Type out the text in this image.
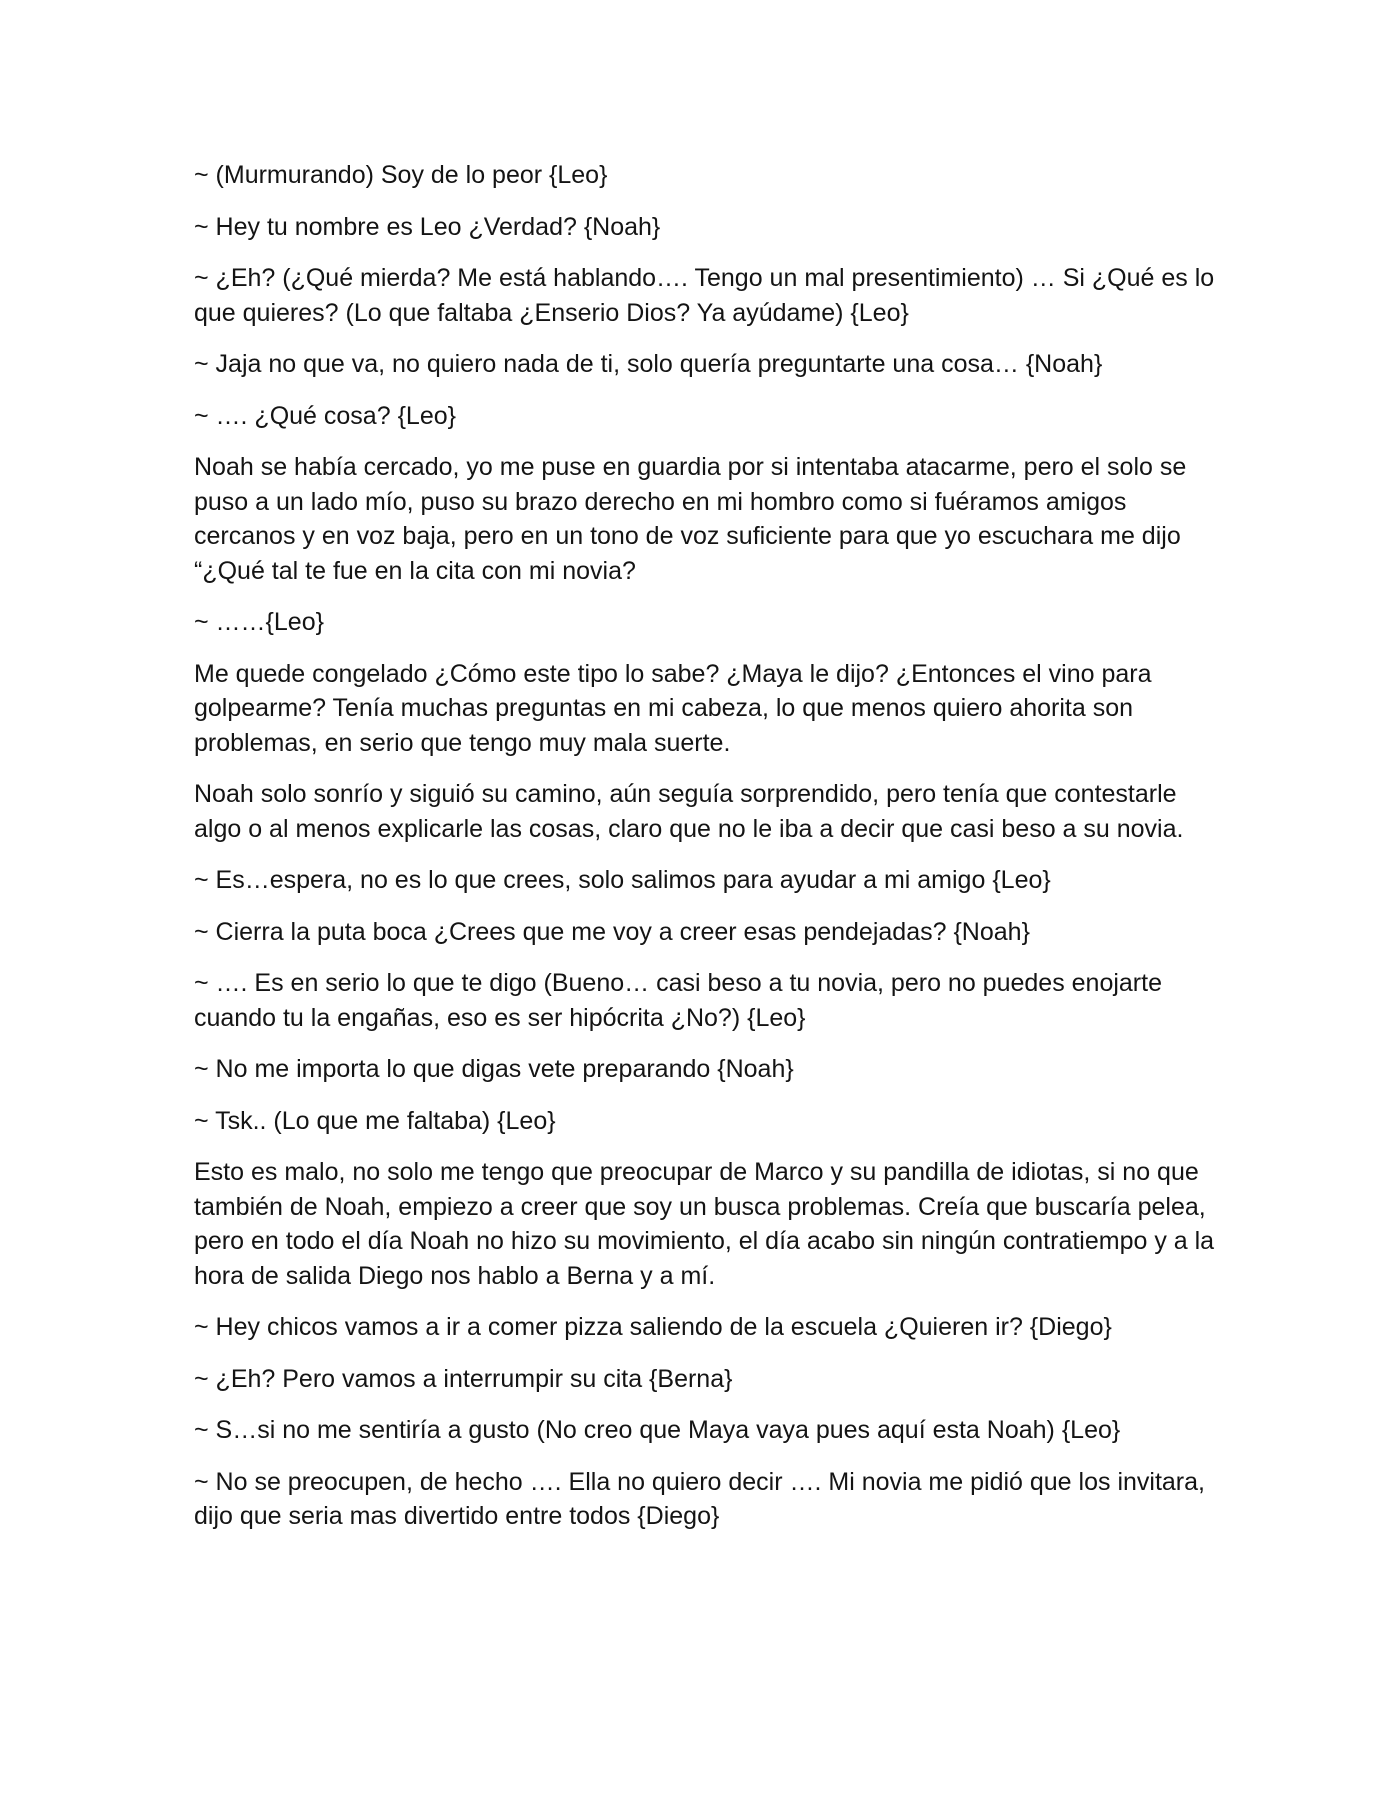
~ (Murmurando) Soy de lo peor {Leo}

~ Hey tu nombre es Leo ¿Verdad? {Noah}

~ ¿Eh? (¿Qué mierda? Me está hablando…. Tengo un mal presentimiento) … Si ¿Qué es lo que quieres? (Lo que faltaba ¿Enserio Dios? Ya ayúdame) {Leo}

~ Jaja no que va, no quiero nada de ti, solo quería preguntarte una cosa… {Noah}

~ …. ¿Qué cosa? {Leo}

Noah se había cercado, yo me puse en guardia por si intentaba atacarme, pero el solo se puso a un lado mío, puso su brazo derecho en mi hombro como si fuéramos amigos cercanos y en voz baja, pero en un tono de voz suficiente para que yo escuchara me dijo “¿Qué tal te fue en la cita con mi novia?

~ ……{Leo}

Me quede congelado ¿Cómo este tipo lo sabe? ¿Maya le dijo? ¿Entonces el vino para golpearme? Tenía muchas preguntas en mi cabeza, lo que menos quiero ahorita son problemas, en serio que tengo muy mala suerte.

Noah solo sonrío y siguió su camino, aún seguía sorprendido, pero tenía que contestarle algo o al menos explicarle las cosas, claro que no le iba a decir que casi beso a su novia.

~ Es…espera, no es lo que crees, solo salimos para ayudar a mi amigo {Leo}

~ Cierra la puta boca ¿Crees que me voy a creer esas pendejadas? {Noah}

~ …. Es en serio lo que te digo (Bueno… casi beso a tu novia, pero no puedes enojarte cuando tu la engañas, eso es ser hipócrita ¿No?) {Leo}

~ No me importa lo que digas vete preparando {Noah}

~ Tsk.. (Lo que me faltaba) {Leo}

Esto es malo, no solo me tengo que preocupar de Marco y su pandilla de idiotas, si no que también de Noah, empiezo a creer que soy un busca problemas. Creía que buscaría pelea, pero en todo el día Noah no hizo su movimiento, el día acabo sin ningún contratiempo y a la hora de salida Diego nos hablo a Berna y a mí.

~ Hey chicos vamos a ir a comer pizza saliendo de la escuela ¿Quieren ir? {Diego}

~ ¿Eh? Pero vamos a interrumpir su cita {Berna}

~ S…si no me sentiría a gusto (No creo que Maya vaya pues aquí esta Noah) {Leo}

~ No se preocupen, de hecho …. Ella no quiero decir …. Mi novia me pidió que los invitara, dijo que seria mas divertido entre todos {Diego}
